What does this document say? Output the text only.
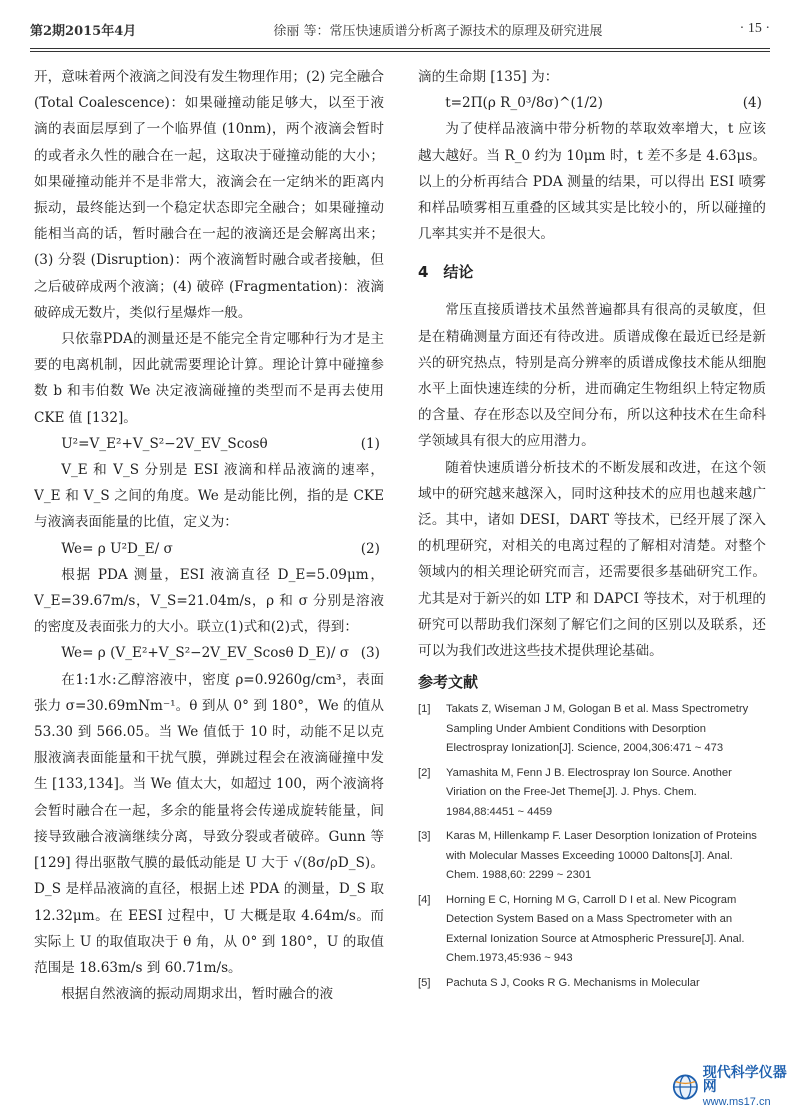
第2期2015年4月	徐丽 等：常压快速质谱分析离子源技术的原理及研究进展	· 15 ·

开，意味着两个液滴之间没有发生物理作用；(2) 完全融合 (Total Coalescence)：如果碰撞动能足够大，以至于液滴的表面层厚到了一个临界值 (10nm)，两个液滴会暂时的或者永久性的融合在一起，这取决于碰撞动能的大小；如果碰撞动能并不是非常大，液滴会在一定纳米的距离内振动，最终能达到一个稳定状态即完全融合；如果碰撞动能相当高的话，暂时融合在一起的液滴还是会解离出来；(3) 分裂 (Disruption)：两个液滴暂时融合或者接触，但之后破碎成两个液滴；(4) 破碎 (Fragmentation)：液滴破碎成无数片，类似行星爆炸一般。

只依靠PDA的测量还是不能完全肯定哪种行为才是主要的电离机制，因此就需要理论计算。理论计算中碰撞参数 b 和韦伯数 We 决定液滴碰撞的类型而不是再去使用 CKE 值 [132]。

U²=V_E²+V_S²−2V_EV_Scosθ	(1)

V_E 和 V_S 分别是 ESI 液滴和样品液滴的速率，V_E 和 V_S 之间的角度。We 是动能比例，指的是 CKE 与液滴表面能量的比值，定义为：

We= ρ U²D_E/ σ	(2)

根据 PDA 测量，ESI 液滴直径 D_E=5.09μm，V_E=39.67m/s，V_S=21.04m/s，ρ 和 σ 分别是溶液的密度及表面张力的大小。联立(1)式和(2)式，得到：

We= ρ (V_E²+V_S²−2V_EV_Scosθ D_E)/ σ (3)

在1:1水:乙醇溶液中，密度 ρ=0.9260g/cm³，表面张力 σ=30.69mNm⁻¹。θ 到从 0° 到 180°，We 的值从 53.30 到 566.05。当 We 值低于 10 时，动能不足以克服液滴表面能量和干扰气膜，弹跳过程会在液滴碰撞中发生 [133,134]。当 We 值太大，如超过 100，两个液滴将会暂时融合在一起，多余的能量将会传递成旋转能量，间接导致融合液滴继续分离，导致分裂或者破碎。Gunn 等 [129] 得出驱散气膜的最低动能是 U 大于 √(8σ/ρD_S)。D_S 是样品液滴的直径，根据上述 PDA 的测量，D_S 取 12.32μm。在 EESI 过程中，U 大概是取 4.64m/s。而实际上 U 的取值取决于 θ 角，从 0° 到 180°，U 的取值范围是 18.63m/s 到 60.71m/s。

根据自然液滴的振动周期求出，暂时融合的液

滴的生命期 [135] 为：

t=2Π(ρ R_0³/8σ)^(1/2)	(4)

为了使样品液滴中带分析物的萃取效率增大，t 应该越大越好。当 R_0 约为 10μm 时，t 差不多是 4.63μs。以上的分析再结合 PDA 测量的结果，可以得出 ESI 喷雾和样品喷雾相互重叠的区域其实是比较小的，所以碰撞的几率其实并不是很大。

4　结论

常压直接质谱技术虽然普遍都具有很高的灵敏度，但是在精确测量方面还有待改进。质谱成像在最近已经是新兴的研究热点，特别是高分辨率的质谱成像技术能从细胞水平上面快速连续的分析，进而确定生物组织上特定物质的含量、存在形态以及空间分布，所以这种技术在生命科学领域具有很大的应用潜力。

随着快速质谱分析技术的不断发展和改进，在这个领域中的研究越来越深入，同时这种技术的应用也越来越广泛。其中，诸如 DESI，DART 等技术，已经开展了深入的机理研究，对相关的电离过程的了解相对清楚。对整个领域内的相关理论研究而言，还需要很多基础研究工作。尤其是对于新兴的如 LTP 和 DAPCI 等技术，对于机理的研究可以帮助我们深刻了解它们之间的区别以及联系，还可以为我们改进这些技术提供理论基础。

参考文献
[1]	Takats Z, Wiseman J M, Gologan B et al. Mass Spectrometry Sampling Under Ambient Conditions with Desorption Electrospray Ionization[J]. Science, 2004,306:471 ~ 473
[2]	Yamashita M, Fenn J B. Electrospray Ion Source. Another Viriation on the Free-Jet Theme[J]. J. Phys. Chem. 1984,88:4451 ~ 4459
[3]	Karas M, Hillenkamp F. Laser Desorption Ionization of Proteins with Molecular Masses Exceeding 10000 Daltons[J]. Anal. Chem. 1988,60: 2299 ~ 2301
[4]	Horning E C, Horning M G, Carroll D I et al. New Picogram Detection System Based on a Mass Spectrometer with an External Ionization Source at Atmospheric Pressure[J]. Anal. Chem.1973,45:936 ~ 943
[5]	Pachuta S J, Cooks R G. Mechanisms in Molecular
现代科学仪器网
www.ms17.cn
